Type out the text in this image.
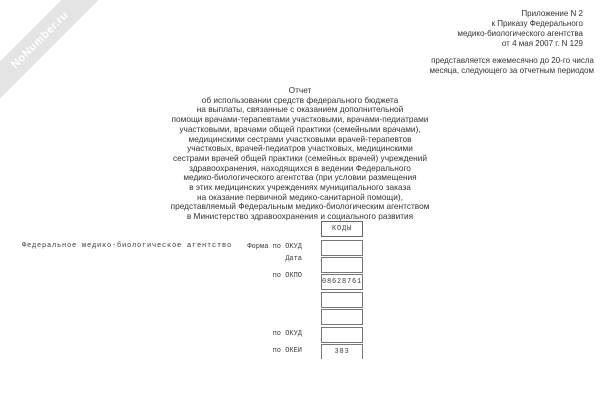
NoNumber.ru	Приложение N 2
к Приказу Федерального
медико-биологического агентства
от 4 мая 2007 г. N 129
представляется ежемесячно до 20-го числа
месяца, следующего за отчетным периодом
Отчет
об использовании средств федерального бюджета
на выплаты, связанные с оказанием дополнительной
помощи врачами-терапевтами участковыми, врачами-педиатрами
участковыми, врачами общей практики (семейными врачами),
медицинскими сестрами участковыми врачей-терапевтов
участковых, врачей-педиатров участковых, медицинскими
сестрами врачей общей практики (семейных врачей) учреждений
здравоохранения, находящихся в ведении Федерального
медико-биологического агентства (при условии размещения
в этих медицинских учреждениях муниципального заказа
на оказание первичной медико-санитарной помощи),
представляемый Федеральным медико-биологическим агентством
в Министерство здравоохранения и социального развития
Федеральное медико-биологическое агентство	Форма по ОКУД
Дата
по ОКПО
по ОКУД
по ОКЕИ
КОДЫ
08628761
383
